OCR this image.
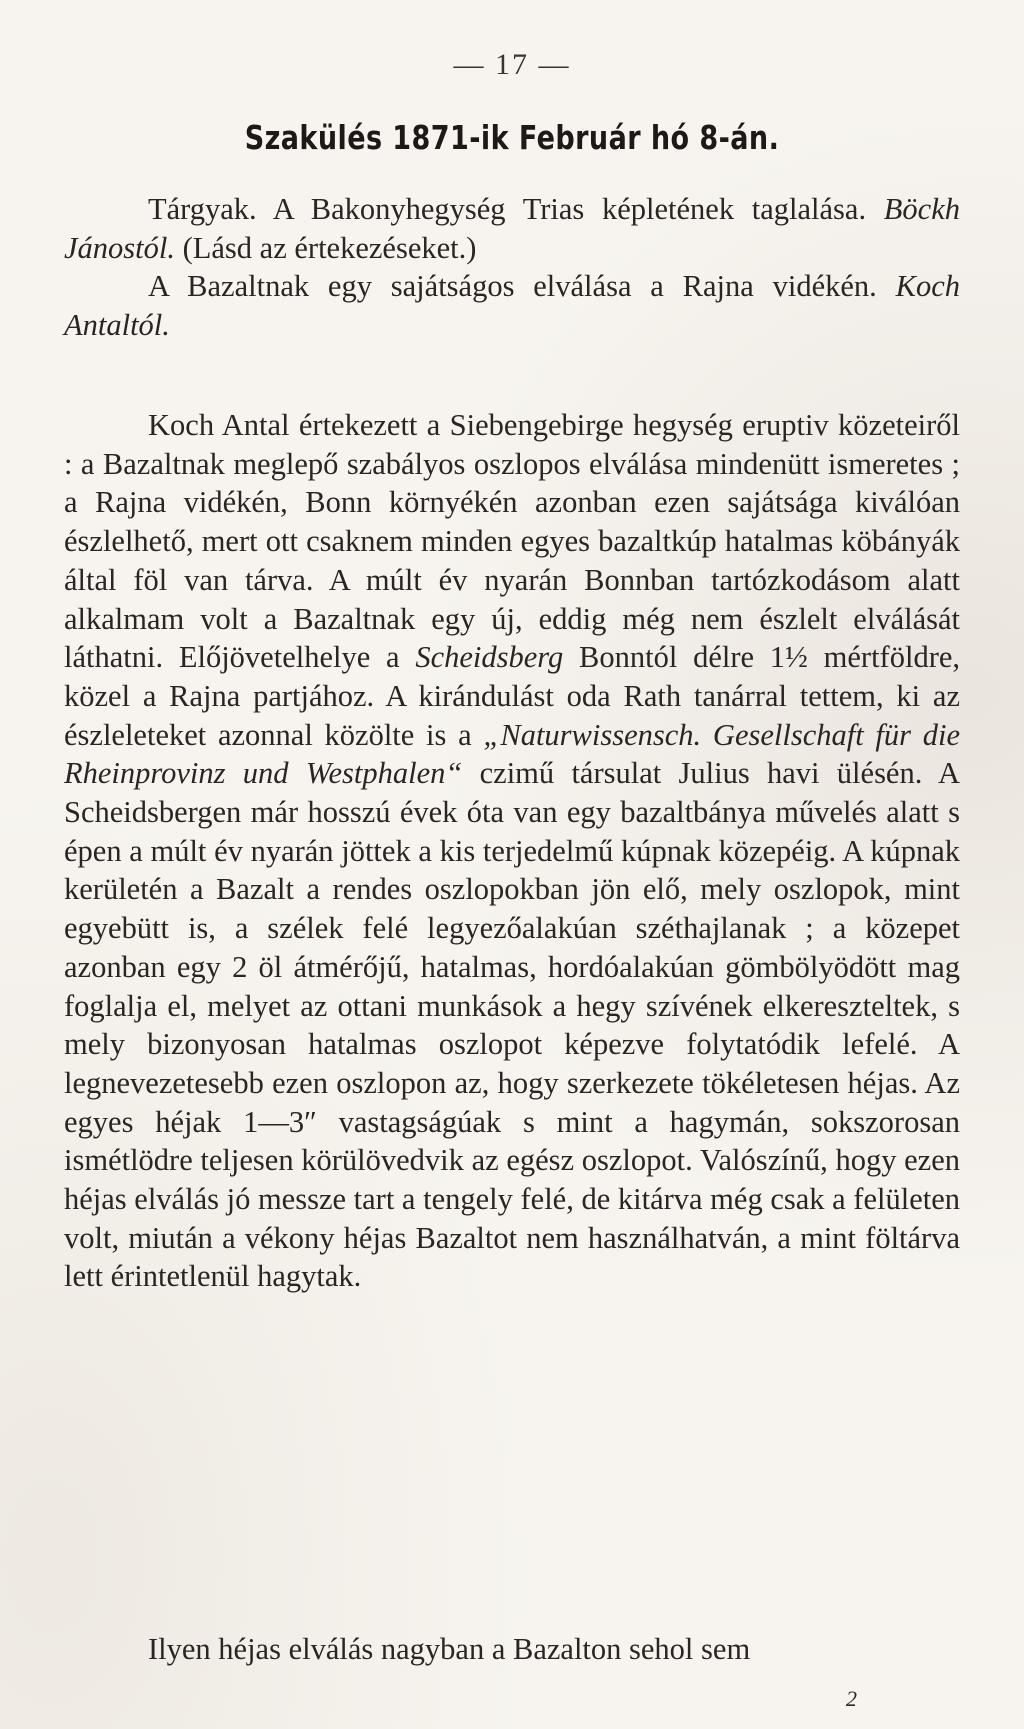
— 17 —
Szakülés 1871-ik Február hó 8-án.

Tárgyak. A Bakonyhegység Trias képletének taglalása. Böckh Jánostól. (Lásd az értekezéseket.)

A Bazaltnak egy sajátságos elválása a Rajna vidékén. Koch Antaltól.

Koch Antal értekezett a Siebengebirge hegység eruptiv közeteiről : a Bazaltnak meglepő szabályos oszlopos elválása mindenütt ismeretes ; a Rajna vidékén, Bonn környékén azonban ezen sajátsága kiválóan észlelhető, mert ott csaknem minden egyes bazaltkúp hatalmas köbányák által föl van tárva. A múlt év nyarán Bonnban tartózkodásom alatt alkalmam volt a Bazaltnak egy új, eddig még nem észlelt elválását láthatni. Előjövetelhelye a Scheidsberg Bonntól délre 1½ mértföldre, közel a Rajna partjához. A kirándulást oda Rath tanárral tettem, ki az észleleteket azonnal közölte is a „Naturwissensch. Gesellschaft für die Rheinprovinz und Westphalen“ czimű társulat Julius havi ülésén. A Scheidsbergen már hosszú évek óta van egy bazaltbánya művelés alatt s épen a múlt év nyarán jöttek a kis terjedelmű kúpnak közepéig. A kúpnak kerületén a Bazalt a rendes oszlopokban jön elő, mely oszlopok, mint egyebütt is, a szélek felé legyezőalakúan széthajlanak ; a közepet azonban egy 2 öl átmérőjű, hatalmas, hordóalakúan gömbölyödött mag foglalja el, melyet az ottani munkások a hegy szívének elkereszteltek, s mely bizonyosan hatalmas oszlopot képezve folytatódik lefelé. A legnevezetesebb ezen oszlopon az, hogy szerkezete tökéletesen héjas. Az egyes héjak 1—3″ vastagságúak s mint a hagymán, sokszorosan ismétlödre teljesen körülövedvik az egész oszlopot. Valószínű, hogy ezen héjas elválás jó messze tart a tengely felé, de kitárva még csak a felületen volt, miután a vékony héjas Bazaltot nem használhatván, a mint föltárva lett érintetlenül hagytak.

Ilyen héjas elválás nagyban a Bazalton sehol sem

2
